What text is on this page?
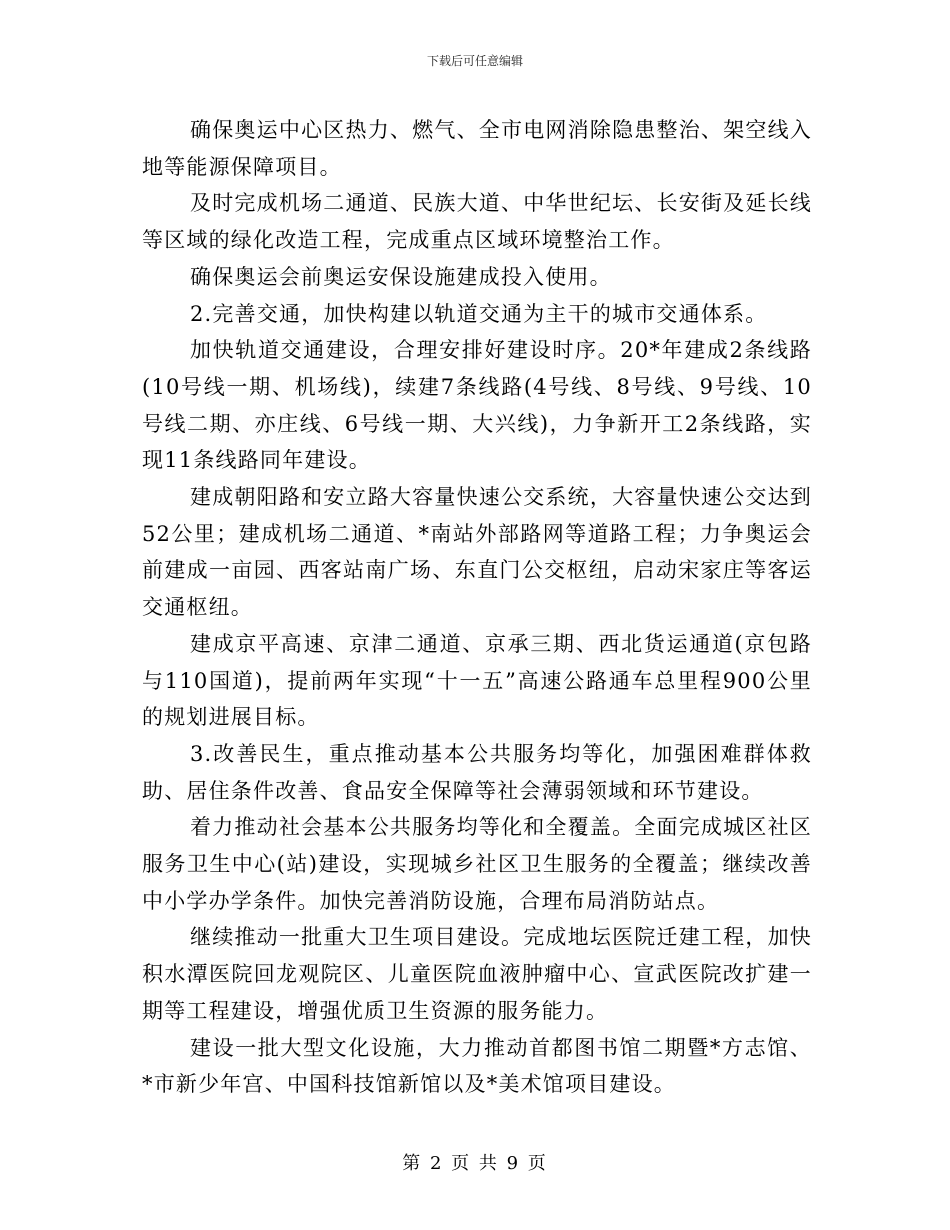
下载后可任意编辑

确保奥运中心区热力、燃气、全市电网消除隐患整治、架空线入地等能源保障项目。

及时完成机场二通道、民族大道、中华世纪坛、长安街及延长线等区域的绿化改造工程，完成重点区域环境整治工作。

确保奥运会前奥运安保设施建成投入使用。

2.完善交通，加快构建以轨道交通为主干的城市交通体系。

加快轨道交通建设，合理安排好建设时序。20*年建成2条线路(10号线一期、机场线)，续建7条线路(4号线、8号线、9号线、10号线二期、亦庄线、6号线一期、大兴线)，力争新开工2条线路，实现11条线路同年建设。

建成朝阳路和安立路大容量快速公交系统，大容量快速公交达到52公里；建成机场二通道、*南站外部路网等道路工程；力争奥运会前建成一亩园、西客站南广场、东直门公交枢纽，启动宋家庄等客运交通枢纽。

建成京平高速、京津二通道、京承三期、西北货运通道(京包路与110国道)，提前两年实现“十一五”高速公路通车总里程900公里的规划进展目标。

3.改善民生，重点推动基本公共服务均等化，加强困难群体救助、居住条件改善、食品安全保障等社会薄弱领域和环节建设。

着力推动社会基本公共服务均等化和全覆盖。全面完成城区社区服务卫生中心(站)建设，实现城乡社区卫生服务的全覆盖；继续改善中小学办学条件。加快完善消防设施，合理布局消防站点。

继续推动一批重大卫生项目建设。完成地坛医院迁建工程，加快积水潭医院回龙观院区、儿童医院血液肿瘤中心、宣武医院改扩建一期等工程建设，增强优质卫生资源的服务能力。

建设一批大型文化设施，大力推动首都图书馆二期暨*方志馆、*市新少年宫、中国科技馆新馆以及*美术馆项目建设。

第 2 页 共 9 页
